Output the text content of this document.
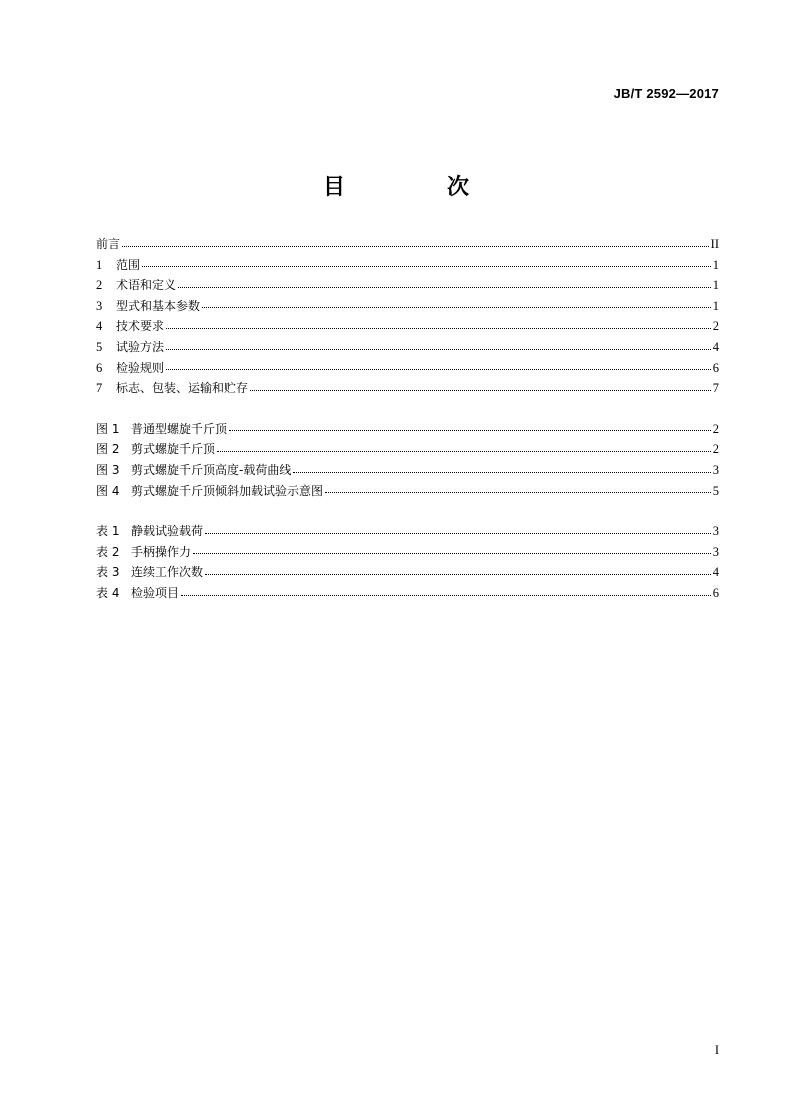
JB/T 2592—2017
目　次
前言	II
1	范围	1
2	术语和定义	1
3	型式和基本参数	1
4	技术要求	2
5	试验方法	4
6	检验规则	6
7	标志、包装、运输和贮存	7
图 1 普通型螺旋千斤顶	2
图 2 剪式螺旋千斤顶	2
图 3 剪式螺旋千斤顶高度-载荷曲线	3
图 4 剪式螺旋千斤顶倾斜加载试验示意图	5
表 1 静载试验载荷	3
表 2 手柄操作力	3
表 3 连续工作次数	4
表 4 检验项目	6
I
